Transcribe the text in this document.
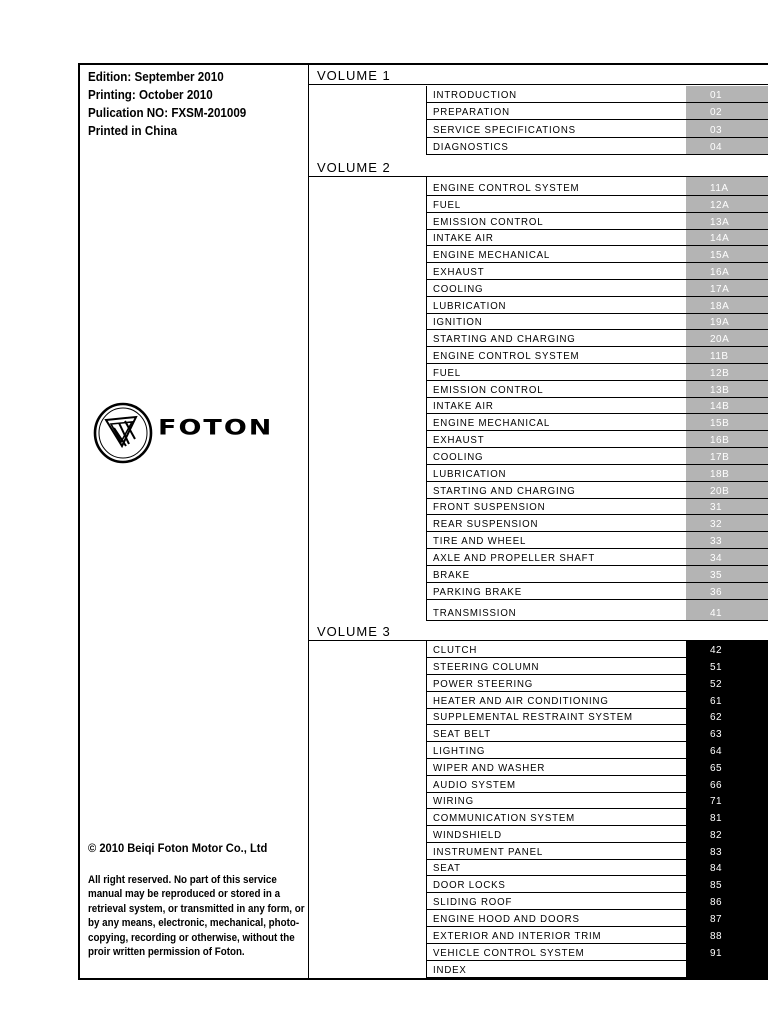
Edition: September 2010
Printing: October 2010
Pulication NO: FXSM-201009
Printed in China
FOTON
© 2010 Beiqi Foton Motor Co., Ltd
All right reserved. No part of this service
manual may be reproduced or stored in a
retrieval system, or transmitted in any form, or
by any means, electronic, mechanical, photo-
copying, recording or otherwise, without the
proir written permission of Foton.
VOLUME 1
INTRODUCTION	01
PREPARATION	02
SERVICE SPECIFICATIONS	03
DIAGNOSTICS	04
VOLUME 2
ENGINE CONTROL SYSTEM	11A
FUEL	12A
EMISSION CONTROL	13A
INTAKE AIR	14A
ENGINE MECHANICAL	15A
EXHAUST	16A
COOLING	17A
LUBRICATION	18A
IGNITION	19A
STARTING AND CHARGING	20A
ENGINE CONTROL SYSTEM	11B
FUEL	12B
EMISSION CONTROL	13B
INTAKE AIR	14B
ENGINE MECHANICAL	15B
EXHAUST	16B
COOLING	17B
LUBRICATION	18B
STARTING AND CHARGING	20B
FRONT SUSPENSION	31
REAR SUSPENSION	32
TIRE AND WHEEL	33
AXLE AND PROPELLER SHAFT	34
BRAKE	35
PARKING BRAKE	36
TRANSMISSION	41
VOLUME 3
CLUTCH	42
STEERING COLUMN	51
POWER STEERING	52
HEATER AND AIR CONDITIONING	61
SUPPLEMENTAL RESTRAINT SYSTEM	62
SEAT BELT	63
LIGHTING	64
WIPER AND WASHER	65
AUDIO SYSTEM	66
WIRING	71
COMMUNICATION SYSTEM	81
WINDSHIELD	82
INSTRUMENT PANEL	83
SEAT	84
DOOR LOCKS	85
SLIDING ROOF	86
ENGINE HOOD AND DOORS	87
EXTERIOR AND INTERIOR TRIM	88
VEHICLE CONTROL SYSTEM	91
INDEX
